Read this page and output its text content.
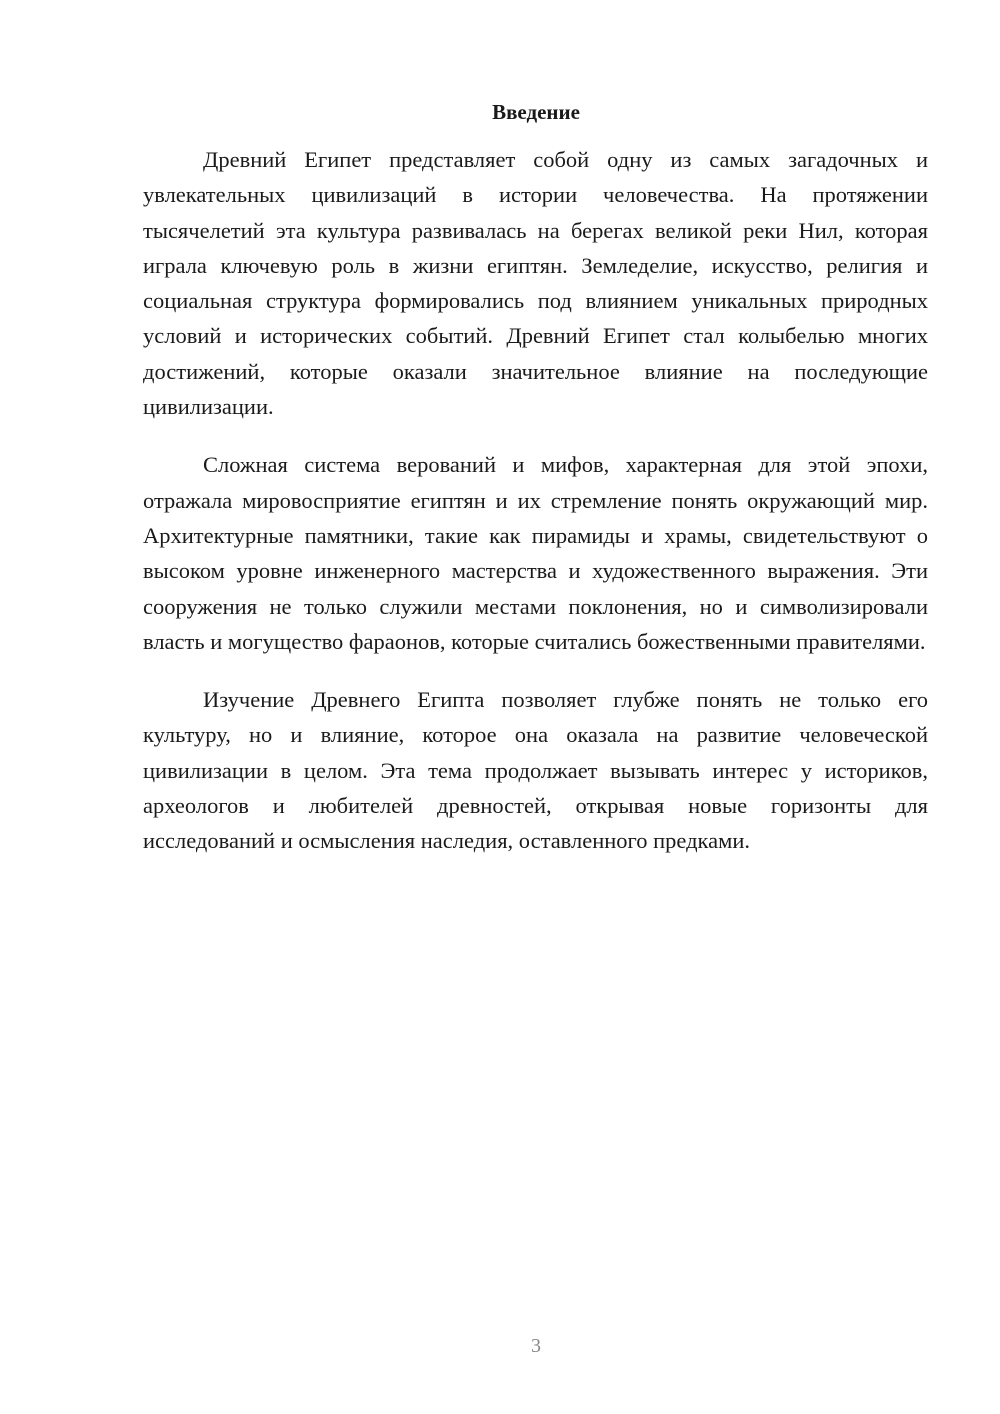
Введение

Древний Египет представляет собой одну из самых загадочных и увлекательных цивилизаций в истории человечества. На протяжении тысячелетий эта культура развивалась на берегах великой реки Нил, которая играла ключевую роль в жизни египтян. Земледелие, искусство, религия и социальная структура формировались под влиянием уникальных природных условий и исторических событий. Древний Египет стал колыбелью многих достижений, которые оказали значительное влияние на последующие цивилизации.

Сложная система верований и мифов, характерная для этой эпохи, отражала мировосприятие египтян и их стремление понять окружающий мир. Архитектурные памятники, такие как пирамиды и храмы, свидетельствуют о высоком уровне инженерного мастерства и художественного выражения. Эти сооружения не только служили местами поклонения, но и символизировали власть и могущество фараонов, которые считались божественными правителями.

Изучение Древнего Египта позволяет глубже понять не только его культуру, но и влияние, которое она оказала на развитие человеческой цивилизации в целом. Эта тема продолжает вызывать интерес у историков, археологов и любителей древностей, открывая новые горизонты для исследований и осмысления наследия, оставленного предками.

3
